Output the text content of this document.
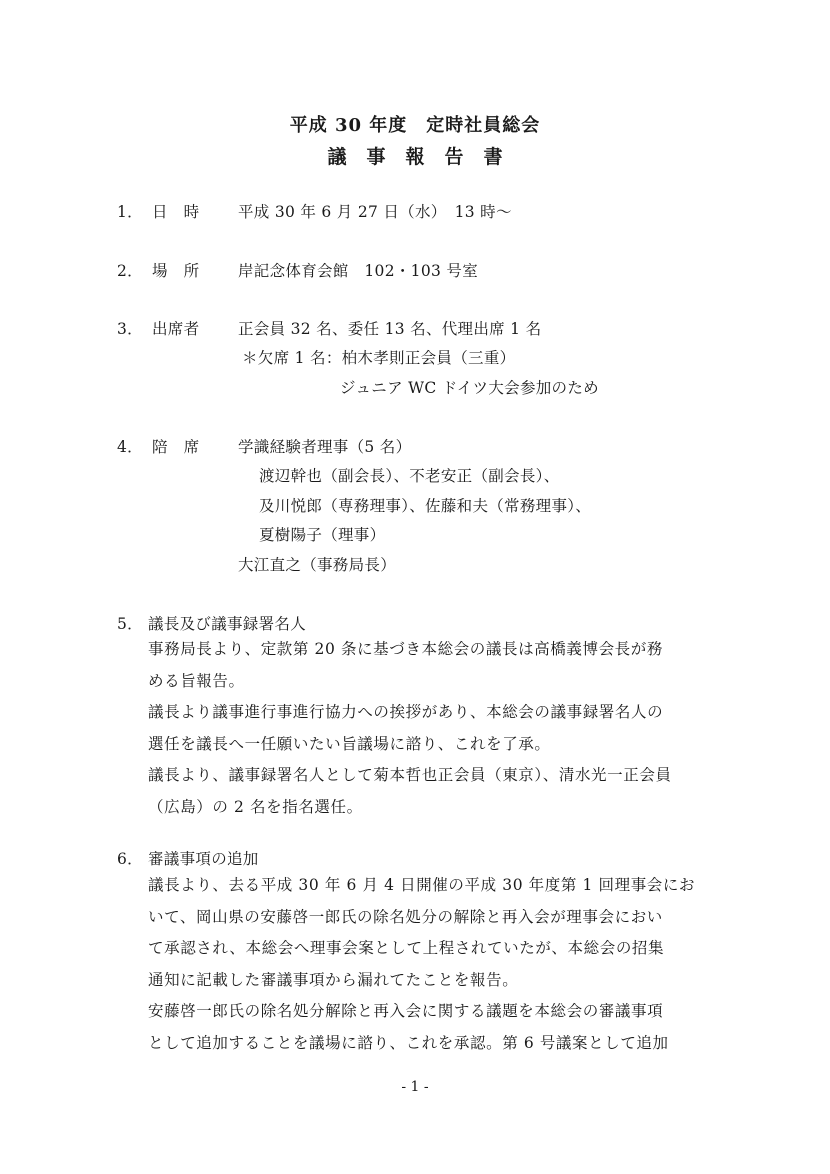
平成 30 年度　定時社員総会
議 事 報 告 書
1． 日　時 平成 30 年 6 月 27 日（水）　13 時～
2． 場　所 岸記念体育会館　102・103 号室
3． 出席者 正会員 32 名、委任 13 名、代理出席 1 名
＊欠席 1 名：柏木孝則正会員（三重）
ジュニア WC ドイツ大会参加のため
4． 陪　席 学識経験者理事（5 名）
渡辺幹也（副会長）、不老安正（副会長）、
及川悦郎（専務理事）、佐藤和夫（常務理事）、
夏樹陽子（理事）
大江直之（事務局長）
5． 議長及び議事録署名人
事務局長より、定款第 20 条に基づき本総会の議長は高橋義博会長が務
める旨報告。
議長より議事進行事進行協力への挨拶があり、本総会の議事録署名人の
選任を議長へ一任願いたい旨議場に諮り、これを了承。
議長より、議事録署名人として菊本哲也正会員（東京）、清水光一正会員
（広島）の 2 名を指名選任。
6． 審議事項の追加
議長より、去る平成 30 年 6 月 4 日開催の平成 30 年度第 1 回理事会にお
いて、岡山県の安藤啓一郎氏の除名処分の解除と再入会が理事会におい
て承認され、本総会へ理事会案として上程されていたが、本総会の招集
通知に記載した審議事項から漏れてたことを報告。
安藤啓一郎氏の除名処分解除と再入会に関する議題を本総会の審議事項
として追加することを議場に諮り、これを承認。第 6 号議案として追加
- 1 -
